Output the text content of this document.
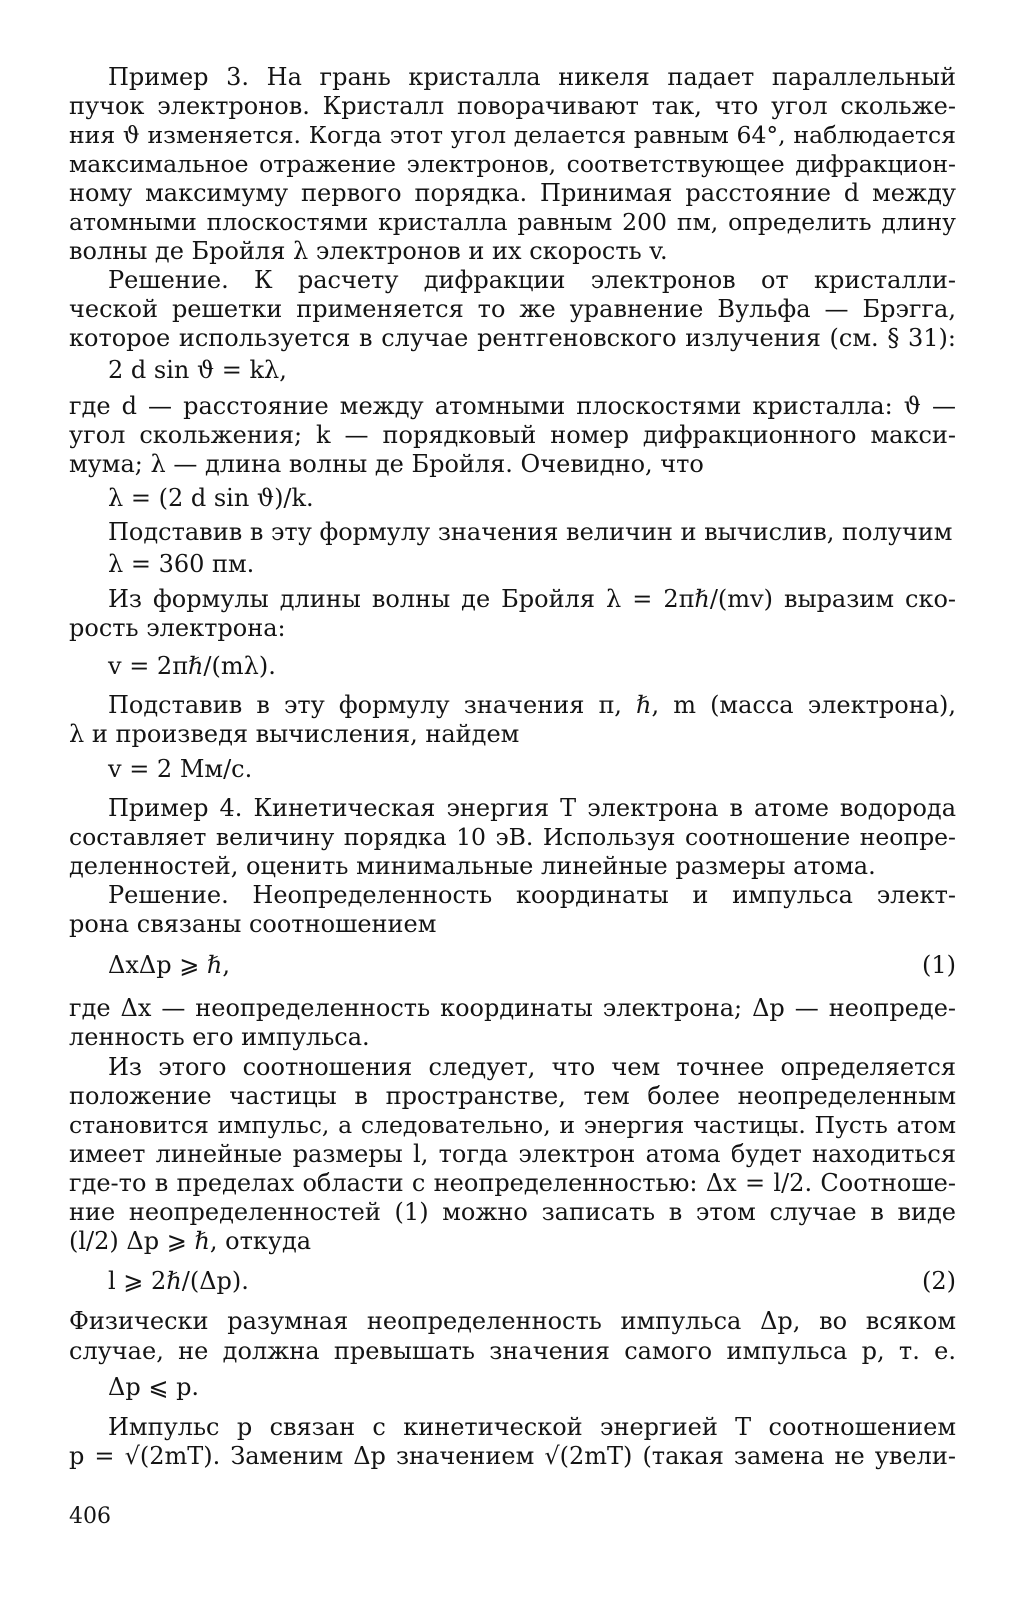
Пример 3. На грань кристалла никеля падает параллельный
пучок электронов. Кристалл поворачивают так, что угол скольже-
ния ϑ изменяется. Когда этот угол делается равным 64°, наблюдается
максимальное отражение электронов, соответствующее дифракцион-
ному максимуму первого порядка. Принимая расстояние d между
атомными плоскостями кристалла равным 200 пм, определить длину
волны де Бройля λ электронов и их скорость v.
Решение. К расчету дифракции электронов от кристалли-
ческой решетки применяется то же уравнение Вульфа — Брэгга,
которое используется в случае рентгеновского излучения (см. § 31):
2 d sin ϑ = kλ,
где d — расстояние между атомными плоскостями кристалла: ϑ —
угол скольжения; k — порядковый номер дифракционного макси-
мума; λ — длина волны де Бройля. Очевидно, что
λ = (2 d sin ϑ)/k.
Подставив в эту формулу значения величин и вычислив, получим
λ = 360 пм.
Из формулы длины волны де Бройля λ = 2πℏ/(mv) выразим ско-
рость электрона:
v = 2πℏ/(mλ).
Подставив в эту формулу значения π, ℏ, m (масса электрона),
λ и произведя вычисления, найдем
v = 2 Мм/с.
Пример 4. Кинетическая энергия T электрона в атоме водорода
составляет величину порядка 10 эВ. Используя соотношение неопре-
деленностей, оценить минимальные линейные размеры атома.
Решение. Неопределенность координаты и импульса элект-
рона связаны соотношением
ΔxΔp ⩾ ℏ,	(1)
где Δx — неопределенность координаты электрона; Δp — неопреде-
ленность его импульса.
Из этого соотношения следует, что чем точнее определяется
положение частицы в пространстве, тем более неопределенным
становится импульс, а следовательно, и энергия частицы. Пусть атом
имеет линейные размеры l, тогда электрон атома будет находиться
где-то в пределах области с неопределенностью: Δx = l/2. Соотноше-
ние неопределенностей (1) можно записать в этом случае в виде
(l/2) Δp ⩾ ℏ, откуда
l ⩾ 2ℏ/(Δp).	(2)
Физически разумная неопределенность импульса Δp, во всяком
случае, не должна превышать значения самого импульса p, т. е.
Δp ⩽ p.
Импульс p связан с кинетической энергией T соотношением
p = √(2mT). Заменим Δp значением √(2mT) (такая замена не увели-
406
